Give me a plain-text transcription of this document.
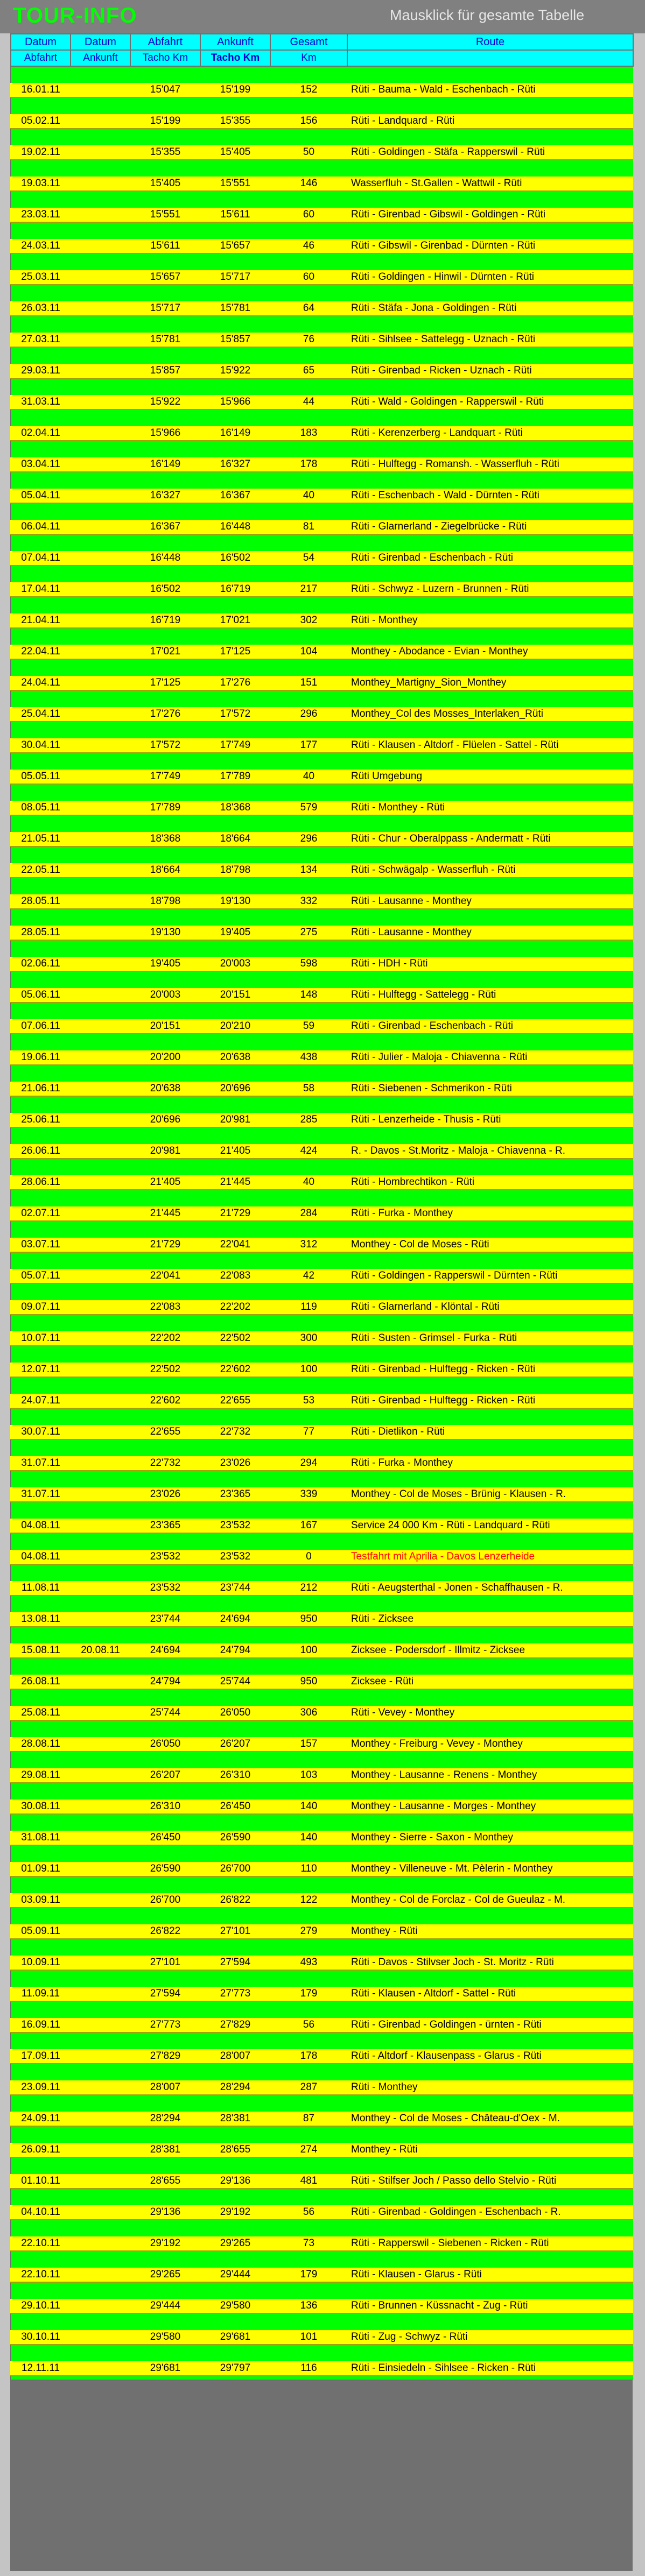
TOUR-INFO	Mausklick für gesamte Tabelle
Datum	Datum	Abfahrt	Ankunft	Gesamt	Route
Abfahrt	Ankunft	Tacho Km	Tacho Km	Km	

16.01.11		15'047	15'199	152	Rüti - Bauma - Wald - Eschenbach - Rüti

05.02.11		15'199	15'355	156	Rüti - Landquard - Rüti

19.02.11		15'355	15'405	50	Rüti - Goldingen - Stäfa - Rapperswil - Rüti

19.03.11		15'405	15'551	146	Wasserfluh - St.Gallen - Wattwil - Rüti

23.03.11		15'551	15'611	60	Rüti - Girenbad - Gibswil - Goldingen - Rüti

24.03.11		15'611	15'657	46	Rüti - Gibswil - Girenbad - Dürnten - Rüti

25.03.11		15'657	15'717	60	Rüti - Goldingen - Hinwil - Dürnten - Rüti

26.03.11		15'717	15'781	64	Rüti - Stäfa - Jona - Goldingen - Rüti

27.03.11		15'781	15'857	76	Rüti - Sihlsee - Sattelegg - Uznach - Rüti

29.03.11		15'857	15'922	65	Rüti - Girenbad - Ricken - Uznach - Rüti

31.03.11		15'922	15'966	44	Rüti - Wald - Goldingen - Rapperswil - Rüti

02.04.11		15'966	16'149	183	Rüti - Kerenzerberg - Landquart - Rüti

03.04.11		16'149	16'327	178	Rüti - Hulftegg - Romansh. - Wasserfluh - Rüti

05.04.11		16'327	16'367	40	Rüti - Eschenbach - Wald - Dürnten - Rüti

06.04.11		16'367	16'448	81	Rüti - Glarnerland - Ziegelbrücke - Rüti

07.04.11		16'448	16'502	54	Rüti - Girenbad - Eschenbach - Rüti

17.04.11		16'502	16'719	217	Rüti - Schwyz - Luzern - Brunnen - Rüti

21.04.11		16'719	17'021	302	Rüti - Monthey

22.04.11		17'021	17'125	104	Monthey - Abodance - Evian - Monthey

24.04.11		17'125	17'276	151	Monthey_Martigny_Sion_Monthey

25.04.11		17'276	17'572	296	Monthey_Col des Mosses_Interlaken_Rüti

30.04.11		17'572	17'749	177	Rüti - Klausen - Altdorf - Flüelen - Sattel - Rüti

05.05.11		17'749	17'789	40	Rüti Umgebung

08.05.11		17'789	18'368	579	Rüti - Monthey - Rüti

21.05.11		18'368	18'664	296	Rüti - Chur - Oberalppass - Andermatt - Rüti

22.05.11		18'664	18'798	134	Rüti - Schwägalp - Wasserfluh - Rüti

28.05.11		18'798	19'130	332	Rüti - Lausanne - Monthey

28.05.11		19'130	19'405	275	Rüti - Lausanne - Monthey

02.06.11		19'405	20'003	598	Rüti - HDH - Rüti

05.06.11		20'003	20'151	148	Rüti - Hulftegg - Sattelegg - Rüti

07.06.11		20'151	20'210	59	Rüti - Girenbad - Eschenbach - Rüti

19.06.11		20'200	20'638	438	Rüti - Julier - Maloja - Chiavenna - Rüti

21.06.11		20'638	20'696	58	Rüti - Siebenen - Schmerikon - Rüti

25.06.11		20'696	20'981	285	Rüti - Lenzerheide - Thusis - Rüti

26.06.11		20'981	21'405	424	R. - Davos - St.Moritz - Maloja - Chiavenna - R.

28.06.11		21'405	21'445	40	Rüti - Hombrechtikon - Rüti

02.07.11		21'445	21'729	284	Rüti - Furka - Monthey

03.07.11		21'729	22'041	312	Monthey - Col de Moses - Rüti

05.07.11		22'041	22'083	42	Rüti - Goldingen - Rapperswil - Dürnten - Rüti

09.07.11		22'083	22'202	119	Rüti - Glarnerland - Klöntal - Rüti

10.07.11		22'202	22'502	300	Rüti - Susten - Grimsel - Furka - Rüti

12.07.11		22'502	22'602	100	Rüti - Girenbad - Hulftegg - Ricken - Rüti

24.07.11		22'602	22'655	53	Rüti - Girenbad - Hulftegg - Ricken - Rüti

30.07.11		22'655	22'732	77	Rüti - Dietlikon - Rüti

31.07.11		22'732	23'026	294	Rüti - Furka - Monthey

31.07.11		23'026	23'365	339	Monthey - Col de Moses - Brünig - Klausen - R.

04.08.11		23'365	23'532	167	Service 24 000 Km - Rüti - Landquard - Rüti

04.08.11		23'532	23'532	0	Testfahrt mit Aprilia - Davos Lenzerheide

11.08.11		23'532	23'744	212	Rüti - Aeugsterthal - Jonen - Schaffhausen - R.

13.08.11		23'744	24'694	950	Rüti - Zicksee

15.08.11	20.08.11	24'694	24'794	100	Zicksee - Podersdorf - Illmitz - Zicksee

26.08.11		24'794	25'744	950	Zicksee - Rüti

25.08.11		25'744	26'050	306	Rüti - Vevey - Monthey

28.08.11		26'050	26'207	157	Monthey - Freiburg - Vevey - Monthey

29.08.11		26'207	26'310	103	Monthey - Lausanne - Renens - Monthey

30.08.11		26'310	26'450	140	Monthey - Lausanne - Morges - Monthey

31.08.11		26'450	26'590	140	Monthey - Sierre - Saxon - Monthey

01.09.11		26'590	26'700	110	Monthey - Villeneuve - Mt. Pèlerin - Monthey

03.09.11		26'700	26'822	122	Monthey - Col de Forclaz - Col de Gueulaz - M.

05.09.11		26'822	27'101	279	Monthey - Rüti

10.09.11		27'101	27'594	493	Rüti - Davos - Stilvser Joch - St. Moritz - Rüti

11.09.11		27'594	27'773	179	Rüti - Klausen - Altdorf - Sattel - Rüti

16.09.11		27'773	27'829	56	Rüti - Girenbad - Goldingen - ürnten - Rüti

17.09.11		27'829	28'007	178	Rüti - Altdorf - Klausenpass - Glarus - Rüti

23.09.11		28'007	28'294	287	Rüti - Monthey

24.09.11		28'294	28'381	87	Monthey - Col de Moses - Château-d'Oex - M.

26.09.11		28'381	28'655	274	Monthey - Rüti

01.10.11		28'655	29'136	481	Rüti - Stilfser Joch / Passo dello Stelvio - Rüti

04.10.11		29'136	29'192	56	Rüti - Girenbad - Goldingen - Eschenbach - R.

22.10.11		29'192	29'265	73	Rüti - Rapperswil - Siebenen - Ricken - Rüti

22.10.11		29'265	29'444	179	Rüti - Klausen - Glarus - Rüti

29.10.11		29'444	29'580	136	Rüti - Brunnen - Küssnacht - Zug - Rüti

30.10.11		29'580	29'681	101	Rüti - Zug - Schwyz - Rüti

12.11.11		29'681	29'797	116	Rüti - Einsiedeln - Sihlsee - Ricken - Rüti
